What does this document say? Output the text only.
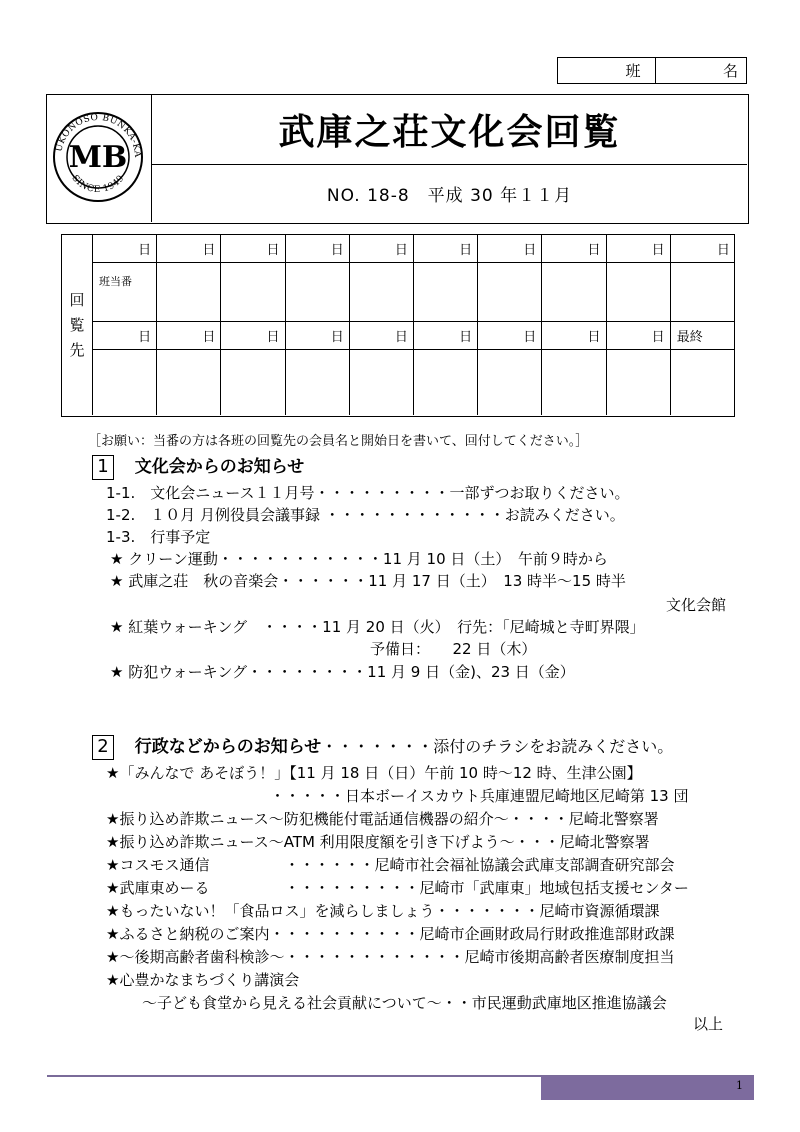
班	名
UKONOSO BUNKA-KA
SINCE 1949
MB
武庫之荘文化会回覧
NO. 18-8　平成 30 年１１月
回
覧
先
日	日	日	日	日	日	日	日	日	日
班当番
日	日	日	日	日	日	日	日	日 最終
［お願い：当番の方は各班の回覧先の会員名と開始日を書いて、回付してください。］
1 文化会からのお知らせ
1-1.　文化会ニュース１１月号・・・・・・・・・一部ずつお取りください。
1-2.　１０月 月例役員会議事録 ・・・・・・・・・・・・お読みください。
1-3.　行事予定
★ クリーン運動・・・・・・・・・・・11 月 10 日（土）　午前９時から
★ 武庫之荘　秋の音楽会・・・・・・11 月 17 日（土）　13 時半～15 時半
文化会館
★ 紅葉ウォーキング　・・・・11 月 20 日（火）　行先：「尼崎城と寺町界隈」
予備日：　　22 日（木）
★ 防犯ウォーキング・・・・・・・・11 月 9 日（金)、23 日（金）
2 行政などからのお知らせ・・・・・・・添付のチラシをお読みください。
★「みんなで あそぼう！」【11 月 18 日（日）午前 10 時～12 時、生津公園】
・・・・・日本ボーイスカウト兵庫連盟尼崎地区尼崎第 13 団
★振り込め詐欺ニュース～防犯機能付電話通信機器の紹介～・・・・尼崎北警察署
★振り込め詐欺ニュース～ATM 利用限度額を引き下げよう～・・・尼崎北警察署
★コスモス通信　　　　　・・・・・・尼崎市社会福祉協議会武庫支部調査研究部会
★武庫東めーる　　　　　・・・・・・・・・尼崎市「武庫東」地域包括支援センター
★もったいない！「食品ロス」を減らしましょう・・・・・・・尼崎市資源循環課
★ふるさと納税のご案内・・・・・・・・・・尼崎市企画財政局行財政推進部財政課
★～後期高齢者歯科検診～・・・・・・・・・・・・尼崎市後期高齢者医療制度担当
★心豊かなまちづくり講演会
～子ども食堂から見える社会貢献について～・・市民運動武庫地区推進協議会
以上
1
